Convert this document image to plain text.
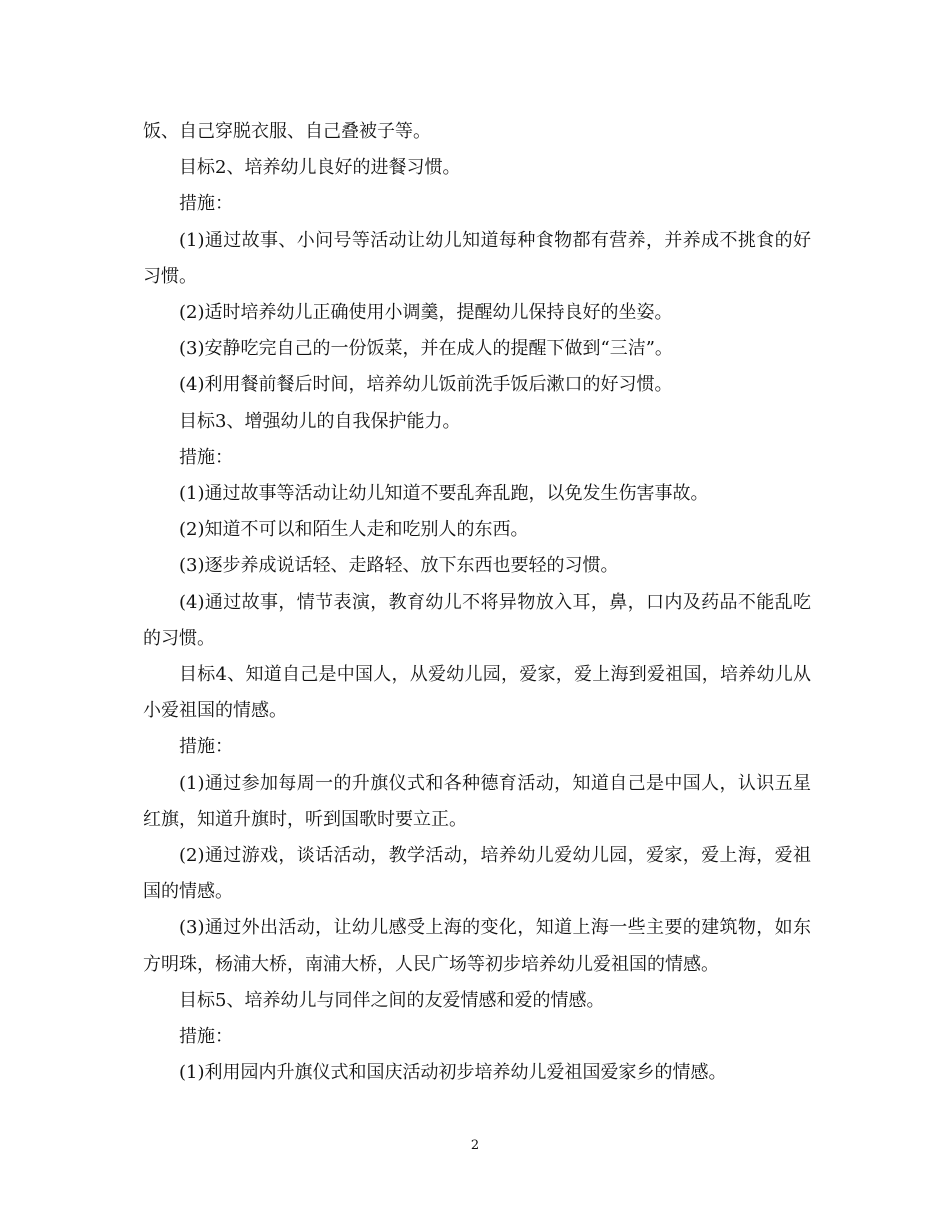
饭、自己穿脱衣服、自己叠被子等。

目标2、培养幼儿良好的进餐习惯。

措施：

(1)通过故事、小问号等活动让幼儿知道每种食物都有营养，并养成不挑食的好习惯。

(2)适时培养幼儿正确使用小调羹，提醒幼儿保持良好的坐姿。

(3)安静吃完自己的一份饭菜，并在成人的提醒下做到“三洁”。

(4)利用餐前餐后时间，培养幼儿饭前洗手饭后漱口的好习惯。

目标3、增强幼儿的自我保护能力。

措施：

(1)通过故事等活动让幼儿知道不要乱奔乱跑，以免发生伤害事故。

(2)知道不可以和陌生人走和吃别人的东西。

(3)逐步养成说话轻、走路轻、放下东西也要轻的习惯。

(4)通过故事，情节表演，教育幼儿不将异物放入耳，鼻，口内及药品不能乱吃的习惯。

目标4、知道自己是中国人，从爱幼儿园，爱家，爱上海到爱祖国，培养幼儿从小爱祖国的情感。

措施：

(1)通过参加每周一的升旗仪式和各种德育活动，知道自己是中国人，认识五星红旗，知道升旗时，听到国歌时要立正。

(2)通过游戏，谈话活动，教学活动，培养幼儿爱幼儿园，爱家，爱上海，爱祖国的情感。

(3)通过外出活动，让幼儿感受上海的变化，知道上海一些主要的建筑物，如东方明珠，杨浦大桥，南浦大桥，人民广场等初步培养幼儿爱祖国的情感。

目标5、培养幼儿与同伴之间的友爱情感和爱的情感。

措施：

(1)利用园内升旗仪式和国庆活动初步培养幼儿爱祖国爱家乡的情感。

2
